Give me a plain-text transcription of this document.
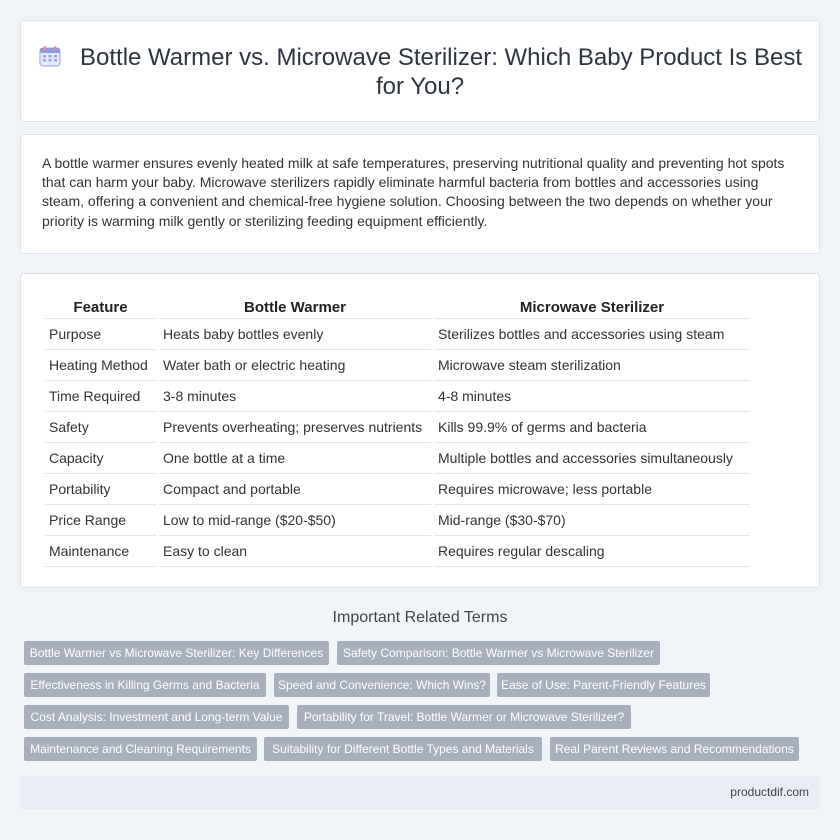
Bottle Warmer vs. Microwave Sterilizer: Which Baby Product Is Best for You?

A bottle warmer ensures evenly heated milk at safe temperatures, preserving nutritional quality and preventing hot spots that can harm your baby. Microwave sterilizers rapidly eliminate harmful bacteria from bottles and accessories using steam, offering a convenient and chemical-free hygiene solution. Choosing between the two depends on whether your priority is warming milk gently or sterilizing feeding equipment efficiently.

Feature	Bottle Warmer	Microwave Sterilizer
Purpose	Heats baby bottles evenly	Sterilizes bottles and accessories using steam
Heating Method	Water bath or electric heating	Microwave steam sterilization
Time Required	3-8 minutes	4-8 minutes
Safety	Prevents overheating; preserves nutrients	Kills 99.9% of germs and bacteria
Capacity	One bottle at a time	Multiple bottles and accessories simultaneously
Portability	Compact and portable	Requires microwave; less portable
Price Range	Low to mid-range ($20-$50)	Mid-range ($30-$70)
Maintenance	Easy to clean	Requires regular descaling
Important Related Terms
Bottle Warmer vs Microwave Sterilizer: Key Differences	Safety Comparison: Bottle Warmer vs Microwave Sterilizer
Effectiveness in Killing Germs and Bacteria	Speed and Convenience: Which Wins?	Ease of Use: Parent-Friendly Features
Cost Analysis: Investment and Long-term Value	Portability for Travel: Bottle Warmer or Microwave Sterilizer?
Maintenance and Cleaning Requirements	Suitability for Different Bottle Types and Materials	Real Parent Reviews and Recommendations
productdif.com
